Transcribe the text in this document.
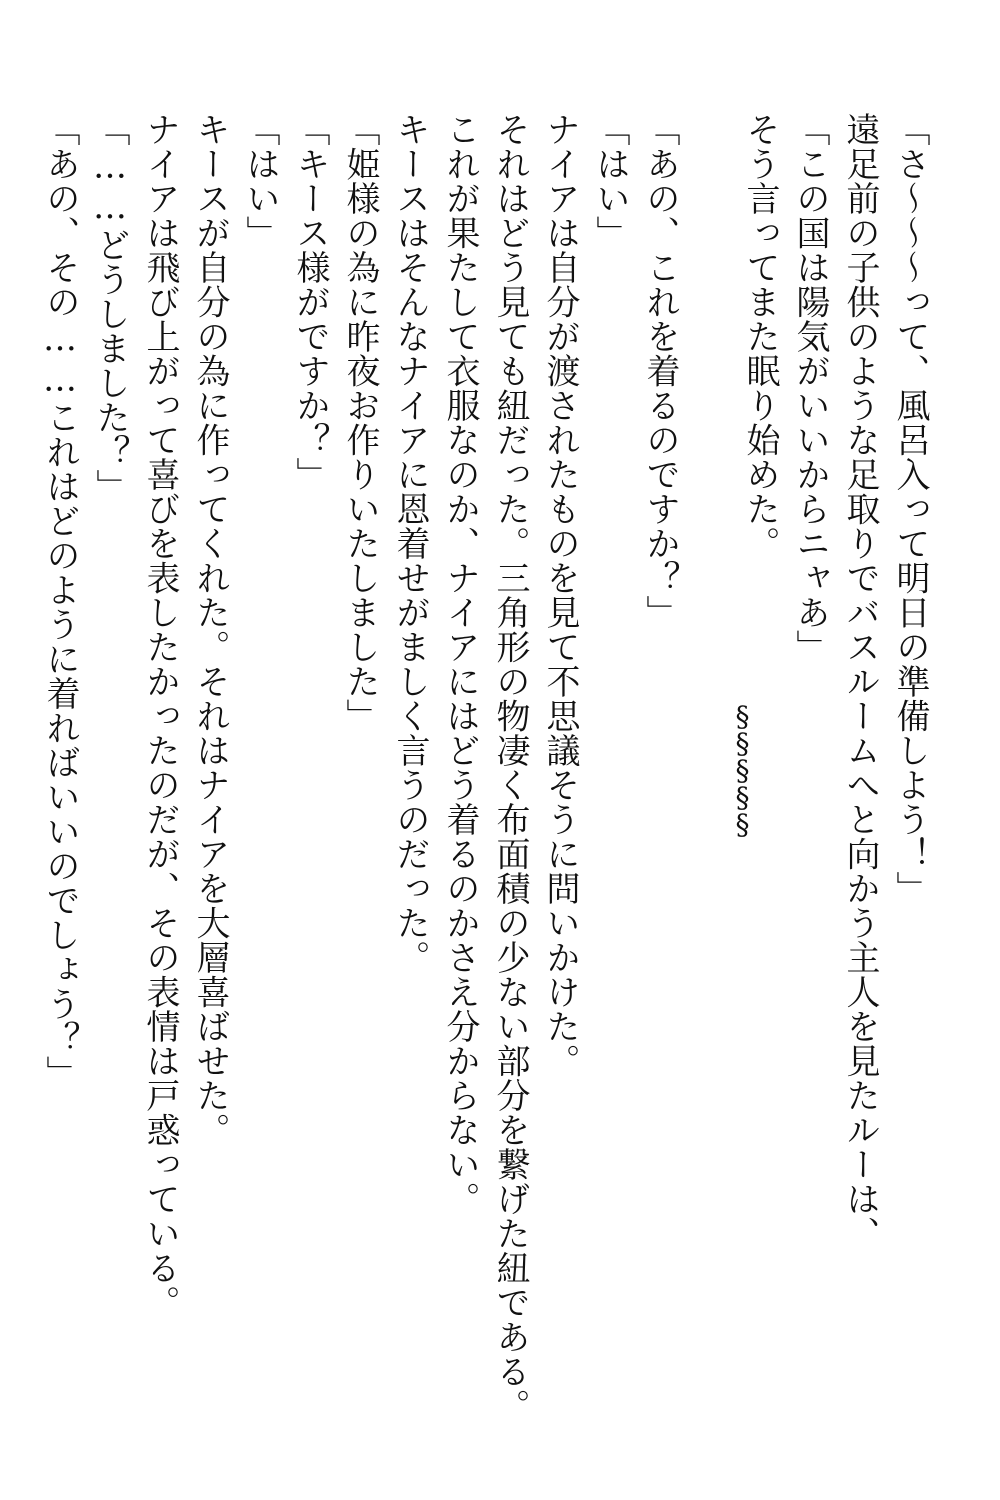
「さ〜〜〜って、風呂入って明日の準備しよう！」
遠足前の子供のような足取りでバスルームへと向かう主人を見たルーは、
「この国は陽気がいいからニャあ」
そう言ってまた眠り始めた。
§§§§§
「あの、これを着るのですか？」
「はい」
ナイアは自分が渡されたものを見て不思議そうに問いかけた。
それはどう見ても紐だった。三角形の物凄く布面積の少ない部分を繋げた紐である。
これが果たして衣服なのか、ナイアにはどう着るのかさえ分からない。
キースはそんなナイアに恩着せがましく言うのだった。
「姫様の為に昨夜お作りいたしました」
「キース様がですか？」
「はい」
キースが自分の為に作ってくれた。それはナイアを大層喜ばせた。
ナイアは飛び上がって喜びを表したかったのだが、その表情は戸惑っている。
「……どうしました？」
「あの、その……これはどのように着ればいいのでしょう？」
